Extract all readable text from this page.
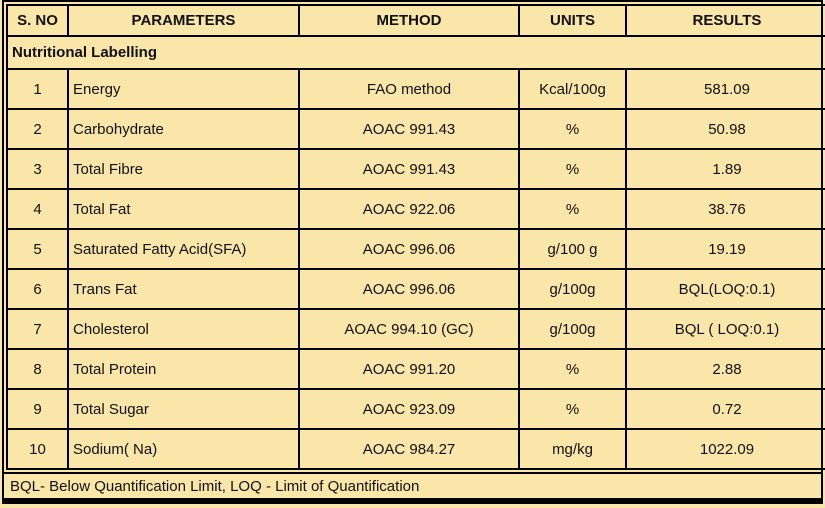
S. NO	PARAMETERS	METHOD	UNITS	RESULTS
Nutritional Labelling				
1	Energy	FAO method	Kcal/100g	581.09
2	Carbohydrate	AOAC 991.43	%	50.98
3	Total Fibre	AOAC 991.43	%	1.89
4	Total Fat	AOAC 922.06	%	38.76
5	Saturated Fatty Acid(SFA)	AOAC 996.06	g/100 g	19.19
6	Trans Fat	AOAC 996.06	g/100g	BQL(LOQ:0.1)
7	Cholesterol	AOAC 994.10 (GC)	g/100g	BQL ( LOQ:0.1)
8	Total Protein	AOAC 991.20	%	2.88
9	Total Sugar	AOAC 923.09	%	0.72
10	Sodium( Na)	AOAC 984.27	mg/kg	1022.09
BQL- Below Quantification Limit, LOQ - Limit of Quantification
